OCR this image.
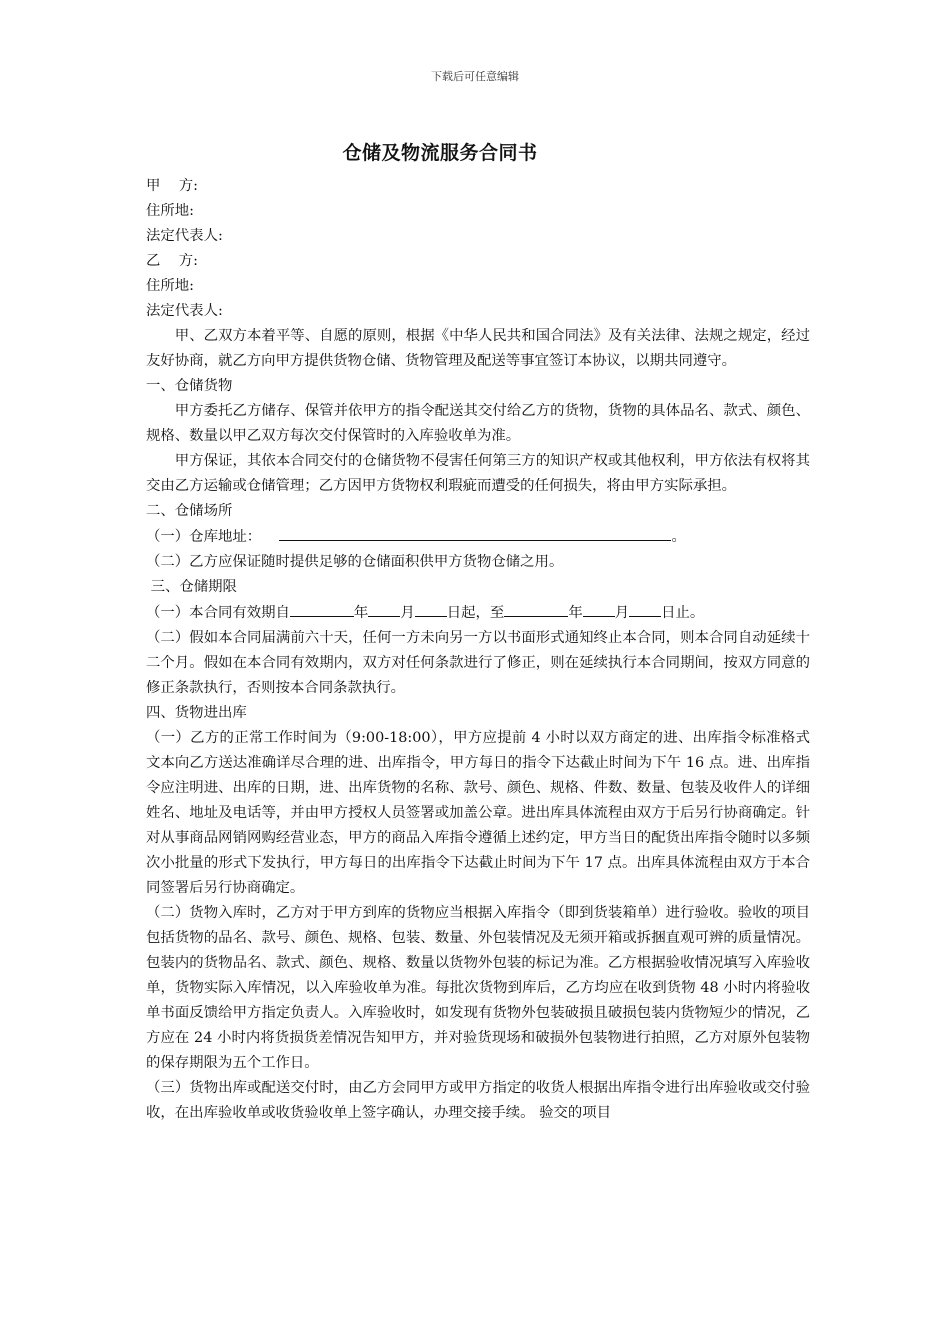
下载后可任意编辑
仓储及物流服务合同书

甲    方:

住所地:

法定代表人:

乙    方:

住所地:

法定代表人:

甲、乙双方本着平等、自愿的原则，根据《中华人民共和国合同法》及有关法律、法规之规定，经过友好协商，就乙方向甲方提供货物仓储、货物管理及配送等事宜签订本协议，以期共同遵守。

一、仓储货物

甲方委托乙方储存、保管并依甲方的指令配送其交付给乙方的货物，货物的具体品名、款式、颜色、规格、数量以甲乙双方每次交付保管时的入库验收单为准。

甲方保证，其依本合同交付的仓储货物不侵害任何第三方的知识产权或其他权利，甲方依法有权将其交由乙方运输或仓储管理；乙方因甲方货物权利瑕疵而遭受的任何损失，将由甲方实际承担。

二、仓储场所

（一）仓库地址：	。

（二）乙方应保证随时提供足够的仓储面积供甲方货物仓储之用。

三、仓储期限

（一）本合同有效期自	年 月 日起，至	年 月 日止。

（二）假如本合同届满前六十天，任何一方未向另一方以书面形式通知终止本合同，则本合同自动延续十二个月。假如在本合同有效期内，双方对任何条款进行了修正，则在延续执行本合同期间，按双方同意的修正条款执行，否则按本合同条款执行。

四、货物进出库

（一）乙方的正常工作时间为（9:00-18:00），甲方应提前 4 小时以双方商定的进、出库指令标准格式文本向乙方送达准确详尽合理的进、出库指令，甲方每日的指令下达截止时间为下午 16 点。进、出库指令应注明进、出库的日期，进、出库货物的名称、款号、颜色、规格、件数、数量、包装及收件人的详细姓名、地址及电话等，并由甲方授权人员签署或加盖公章。进出库具体流程由双方于后另行协商确定。针对从事商品网销网购经营业态，甲方的商品入库指令遵循上述约定，甲方当日的配货出库指令随时以多频次小批量的形式下发执行，甲方每日的出库指令下达截止时间为下午 17 点。出库具体流程由双方于本合同签署后另行协商确定。

（二）货物入库时，乙方对于甲方到库的货物应当根据入库指令（即到货装箱单）进行验收。验收的项目包括货物的品名、款号、颜色、规格、包装、数量、外包装情况及无须开箱或拆捆直观可辨的质量情况。包装内的货物品名、款式、颜色、规格、数量以货物外包装的标记为准。乙方根据验收情况填写入库验收单，货物实际入库情况，以入库验收单为准。每批次货物到库后，乙方均应在收到货物 48 小时内将验收单书面反馈给甲方指定负责人。入库验收时，如发现有货物外包装破损且破损包装内货物短少的情况，乙方应在 24 小时内将货损货差情况告知甲方，并对验货现场和破损外包装物进行拍照，乙方对原外包装物的保存期限为五个工作日。

（三）货物出库或配送交付时，由乙方会同甲方或甲方指定的收货人根据出库指令进行出库验收或交付验收，在出库验收单或收货验收单上签字确认，办理交接手续。 验交的项目
